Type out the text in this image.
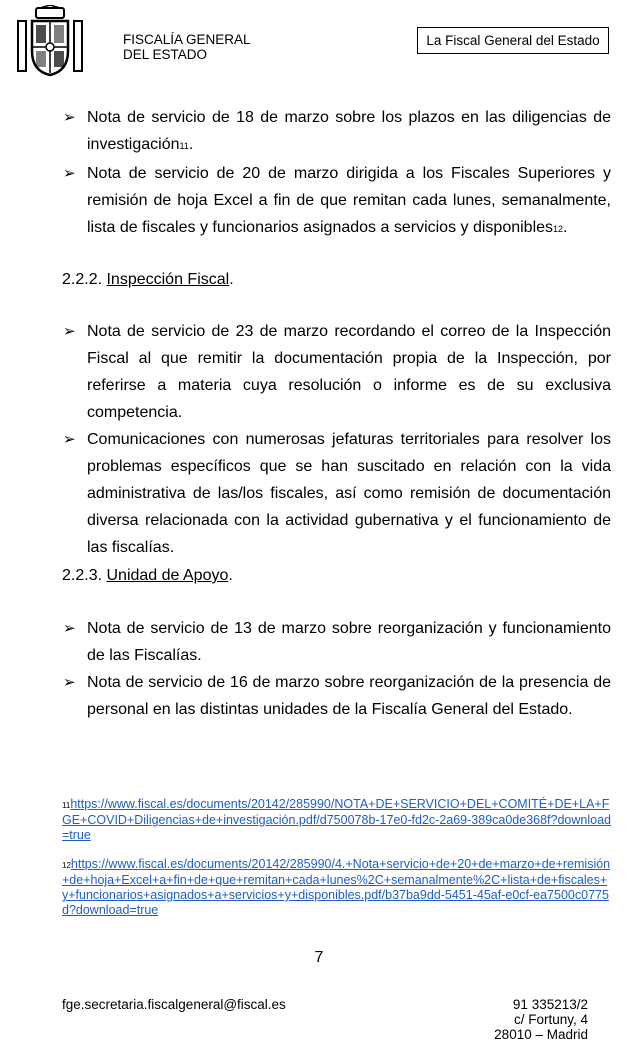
FISCALÍA GENERAL
DEL ESTADO
La Fiscal General del Estado
➢ Nota de servicio de 18 de marzo sobre los plazos en las diligencias de investigación11.
➢ Nota de servicio de 20 de marzo dirigida a los Fiscales Superiores y remisión de hoja Excel a fin de que remitan cada lunes, semanalmente, lista de fiscales y funcionarios asignados a servicios y disponibles12.
2.2.2. Inspección Fiscal.
➢ Nota de servicio de 23 de marzo recordando el correo de la Inspección Fiscal al que remitir la documentación propia de la Inspección, por referirse a materia cuya resolución o informe es de su exclusiva competencia.
➢ Comunicaciones con numerosas jefaturas territoriales para resolver los problemas específicos que se han suscitado en relación con la vida administrativa de las/los fiscales, así como remisión de documentación diversa relacionada con la actividad gubernativa y el funcionamiento de las fiscalías.
2.2.3. Unidad de Apoyo.
➢ Nota de servicio de 13 de marzo sobre reorganización y funcionamiento de las Fiscalías.
➢ Nota de servicio de 16 de marzo sobre reorganización de la presencia de personal en las distintas unidades de la Fiscalía General del Estado.
11https://www.fiscal.es/documents/20142/285990/NOTA+DE+SERVICIO+DEL+COMITÉ+DE+LA+FGE+COVID+Diligencias+de+investigación.pdf/d750078b-17e0-fd2c-2a69-389ca0de368f?download=true
12https://www.fiscal.es/documents/20142/285990/4.+Nota+servicio+de+20+de+marzo+de+remisión+de+hoja+Excel+a+fin+de+que+remitan+cada+lunes%2C+semanalmente%2C+lista+de+fiscales+y+funcionarios+asignados+a+servicios+y+disponibles.pdf/b37ba9dd-5451-45af-e0cf-ea7500c0775d?download=true
7
fge.secretaria.fiscalgeneral@fiscal.es	91 335213/2
c/ Fortuny, 4
28010 – Madrid
